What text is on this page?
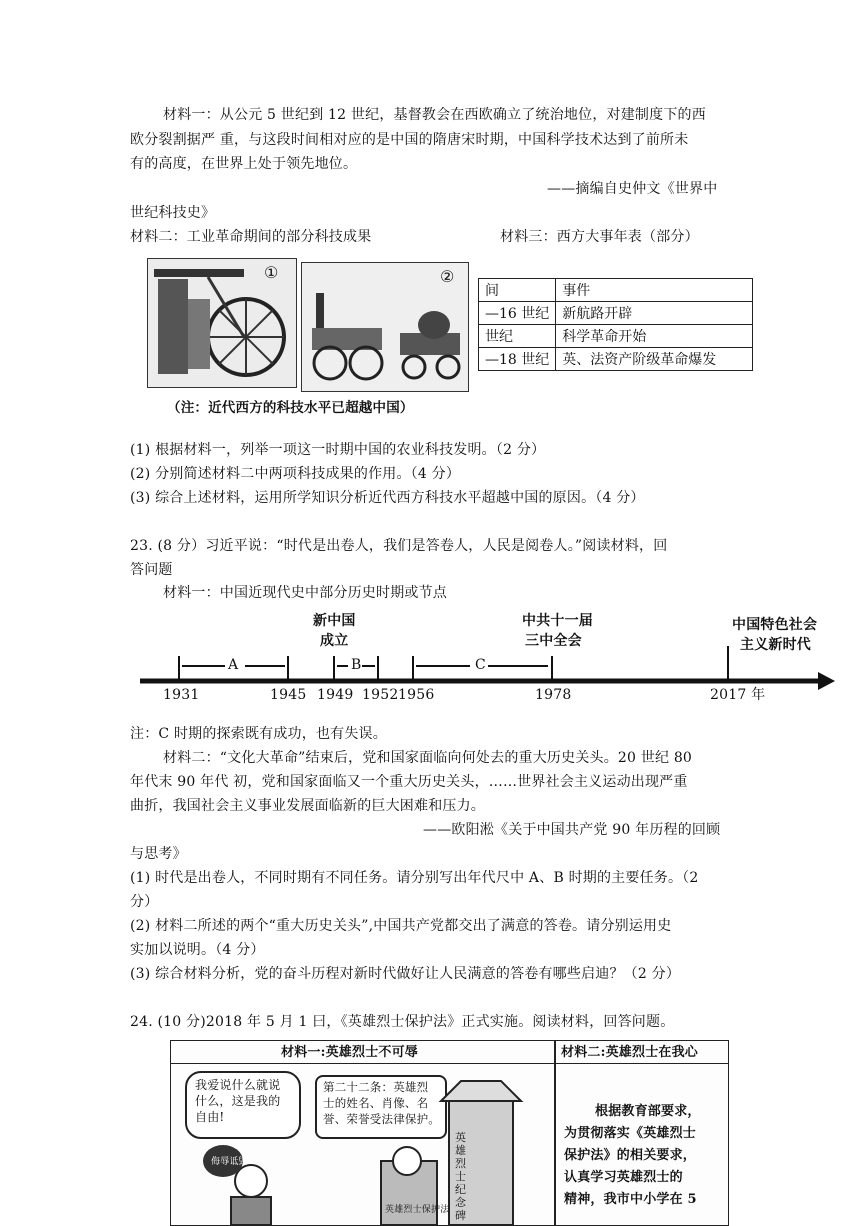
材料一：从公元 5 世纪到 12 世纪，基督教会在西欧确立了统治地位，对建制度下的西
欧分裂割据严 重，与这段时间相对应的是中国的隋唐宋时期，中国科学技术达到了前所未
有的高度，在世界上处于领先地位。
——摘编自史仲文《世界中
世纪科技史》
材料二：工业革命期间的部分科技成果	材料三：西方大事年表（部分）
①	②
（注：近代西方的科技水平已超越中国）
间	事件
—16 世纪	新航路开辟
世纪	科学革命开始
—18 世纪	英、法资产阶级革命爆发
(1) 根据材料一，列举一项这一时期中国的农业科技发明。（2 分）
(2) 分别简述材料二中两项科技成果的作用。（4 分）
(3) 综合上述材料，运用所学知识分析近代西方科技水平超越中国的原因。（4 分）
23. (8 分）习近平说：“时代是出卷人，我们是答卷人，人民是阅卷人。”阅读材料，回
答问题
材料一：中国近现代史中部分历史时期或节点
新中国
成立
中共十一届
三中全会
中国特色社会
主义新时代
A	B	C
1931	1945 1949 1952 1956	1978	2017 年
注：C 时期的探索既有成功，也有失误。
材料二：“文化大革命”结束后，党和国家面临向何处去的重大历史关头。20 世纪 80
年代末 90 年代 初，党和国家面临又一个重大历史关头，……世界社会主义运动出现严重
曲折，我国社会主义事业发展面临新的巨大困难和压力。
——欧阳淞《关于中国共产党 90 年历程的回顾
与思考》
(1) 时代是出卷人，不同时期有不同任务。请分别写出年代尺中 A、B 时期的主要任务。（2
分）
(2) 材料二所述的两个“重大历史关头”,中国共产党都交出了满意的答卷。请分别运用史
实加以说明。（4 分）
(3) 综合材料分析，党的奋斗历程对新时代做好让人民满意的答卷有哪些启迪？（2 分）
24. (10 分)2018 年 5 月 1 曰，《英雄烈士保护法》正式实施。阅读材料，回答问题。
材料一:英雄烈士不可辱	材料二:英雄烈士在我心
我爱说什么就说
什么，这是我的
自由!
第二十二条：英雄烈
士的姓名、肖像、名
誉、荣誉受法律保护。
英雄烈士纪念碑
侮辱诋毁
英雄烈士保护法
根据教育部要求，
为贯彻落实《英雄烈士
保护法》的相关要求，
认真学习英雄烈士的
精神，我市中小学在 5
